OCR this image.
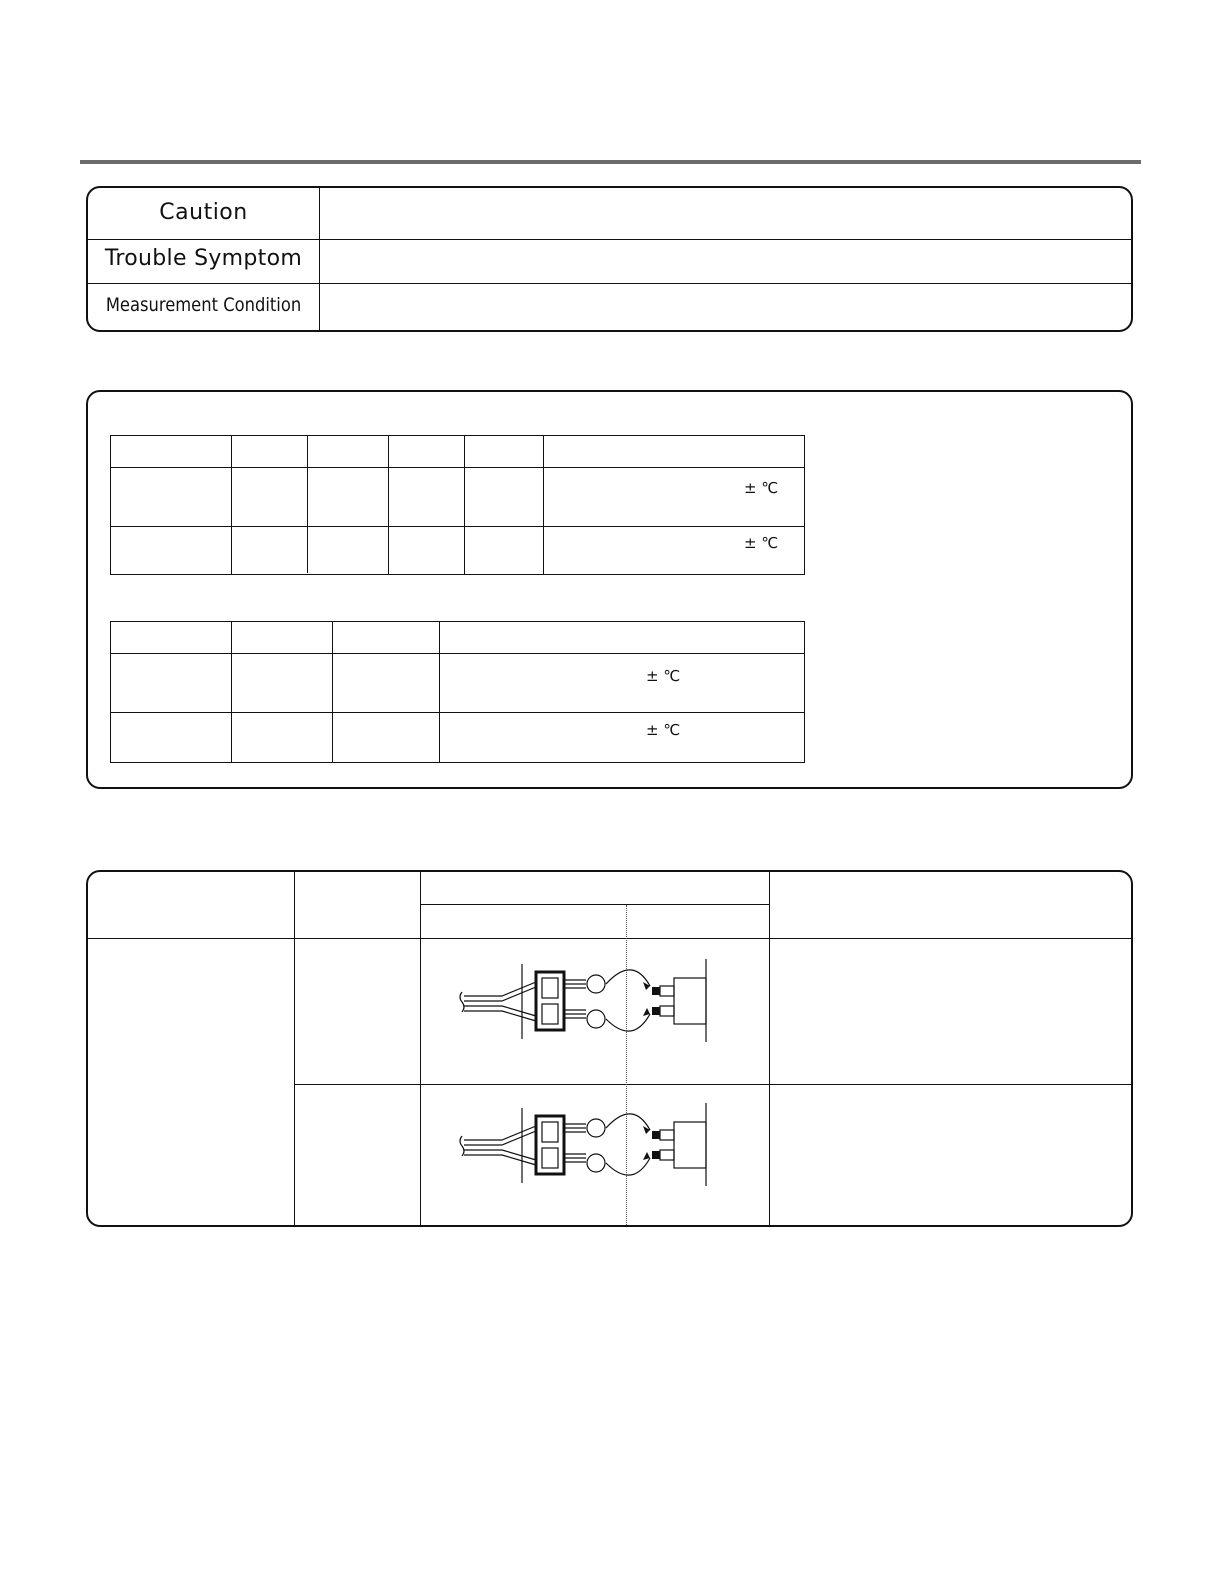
Caution
Trouble Symptom
Measurement Condition
± ℃
± ℃
± ℃
± ℃
